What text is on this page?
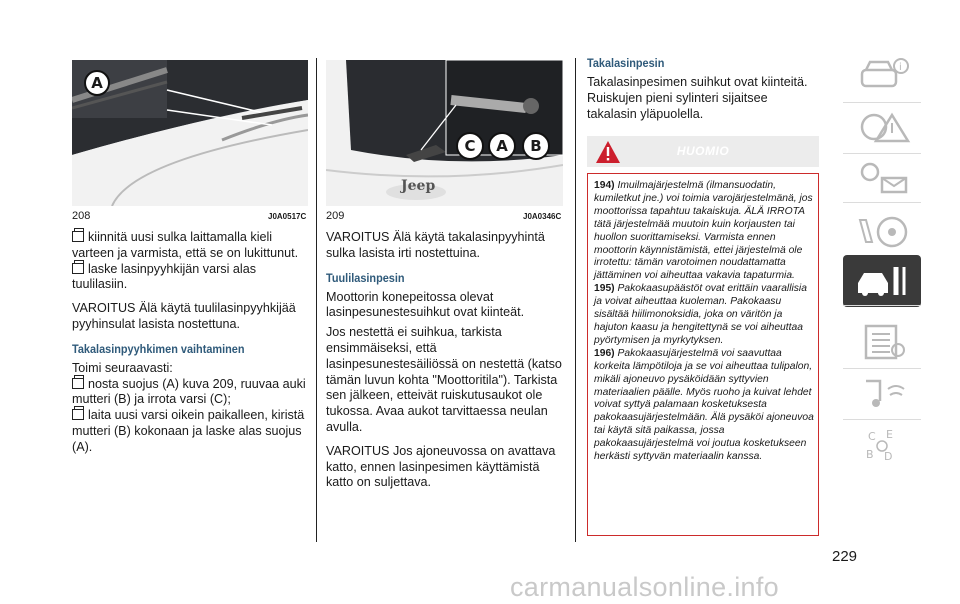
A
208	J0A0517C

kiinnitä uusi sulka laittamalla kieli varteen ja varmista, että se on lukittunut.

laske lasinpyyhkijän varsi alas tuulilasiin.

VAROITUS Älä käytä tuulilasinpyyhkijää pyyhinsulat lasista nostettuna.

Takalasinpyyhkimen vaihtaminen

Toimi seuraavasti:

nosta suojus (A) kuva 209, ruuvaa auki mutteri (B) ja irrota varsi (C);

laita uusi varsi oikein paikalleen, kiristä mutteri (B) kokonaan ja laske alas suojus (A).

Jeep
C	A	B
209	J0A0346C

VAROITUS Älä käytä takalasinpyyhintä sulka lasista irti nostettuina.

Tuulilasinpesin

Moottorin konepeitossa olevat lasinpesunestesuihkut ovat kiinteät.

Jos nestettä ei suihkua, tarkista ensimmäiseksi, että lasinpesunestesäiliössä on nestettä (katso tämän luvun kohta "Moottoritila"). Tarkista sen jälkeen, etteivät ruiskutusaukot ole tukossa. Avaa aukot tarvittaessa neulan avulla.

VAROITUS Jos ajoneuvossa on avattava katto, ennen lasinpesimen käyttämistä katto on suljettava.

Takalasinpesin

Takalasinpesimen suihkut ovat kiinteitä. Ruiskujen pieni sylinteri sijaitsee takalasin yläpuolella.

HUOMIO

194) Imuilmajärjestelmä (ilmansuodatin, kumiletkut jne.) voi toimia varojärjestelmänä, jos moottorissa tapahtuu takaiskuja. ÄLÄ IRROTA tätä järjestelmää muutoin kuin korjausten tai huollon suorittamiseksi. Varmista ennen moottorin käynnistämistä, ettei järjestelmä ole irrotettu: tämän varotoimen noudattamatta jättäminen voi aiheuttaa vakavia tapaturmia.

195) Pakokaasupäästöt ovat erittäin vaarallisia ja voivat aiheuttaa kuoleman. Pakokaasu sisältää hiilimonoksidia, joka on väritön ja hajuton kaasu ja hengitettynä se voi aiheuttaa pyörtymisen ja myrkytyksen.

196) Pakokaasujärjestelmä voi saavuttaa korkeita lämpötiloja ja se voi aiheuttaa tulipalon, mikäli ajoneuvo pysäköidään syttyvien materiaalien päälle. Myös ruoho ja kuivat lehdet voivat syttyä palamaan kosketuksesta pakokaasujärjestelmään. Älä pysäköi ajoneuvoa tai käytä sitä paikassa, jossa pakokaasujärjestelmä voi joutua kosketukseen herkästi syttyvän materiaalin kanssa.

i
C E
B D
229
carmanualsonline.info
